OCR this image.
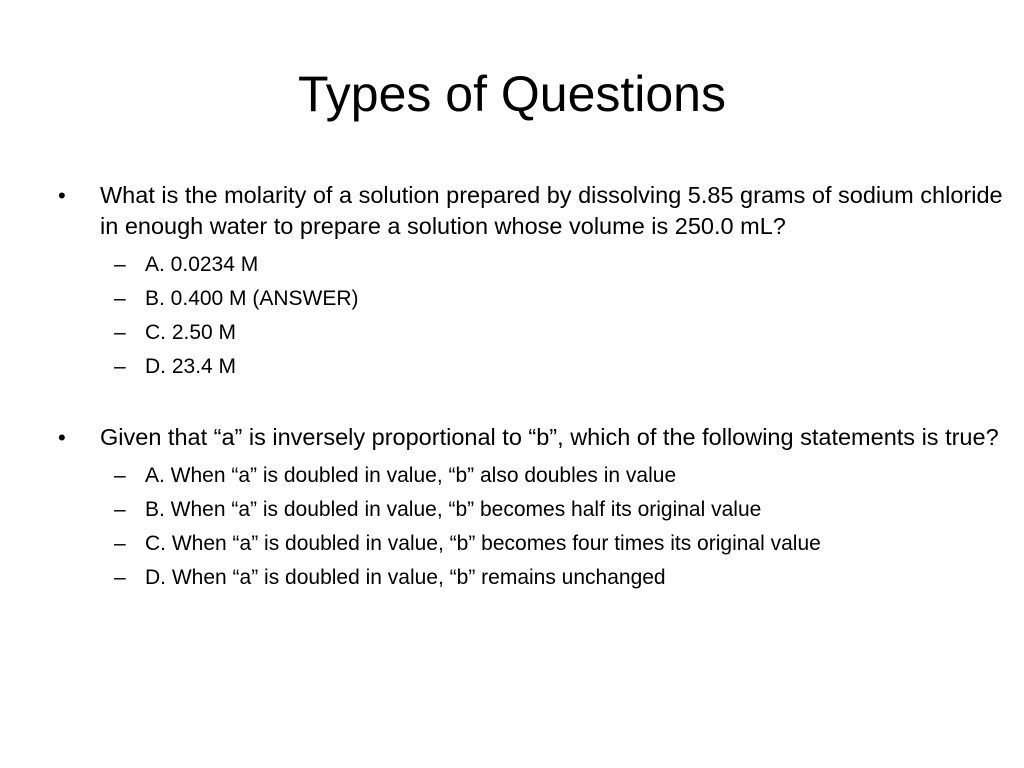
Types of Questions
• What is the molarity of a solution prepared by dissolving 5.85 grams of sodium chloride in enough water to prepare a solution whose volume is 250.0 mL?
– A. 0.0234 M
– B. 0.400 M (ANSWER)
– C. 2.50 M
– D. 23.4 M
• Given that “a” is inversely proportional to “b”, which of the following statements is true?
– A. When “a” is doubled in value, “b” also doubles in value
– B. When “a” is doubled in value, “b” becomes half its original value
– C. When “a” is doubled in value, “b” becomes four times its original value
– D. When “a” is doubled in value, “b” remains unchanged
